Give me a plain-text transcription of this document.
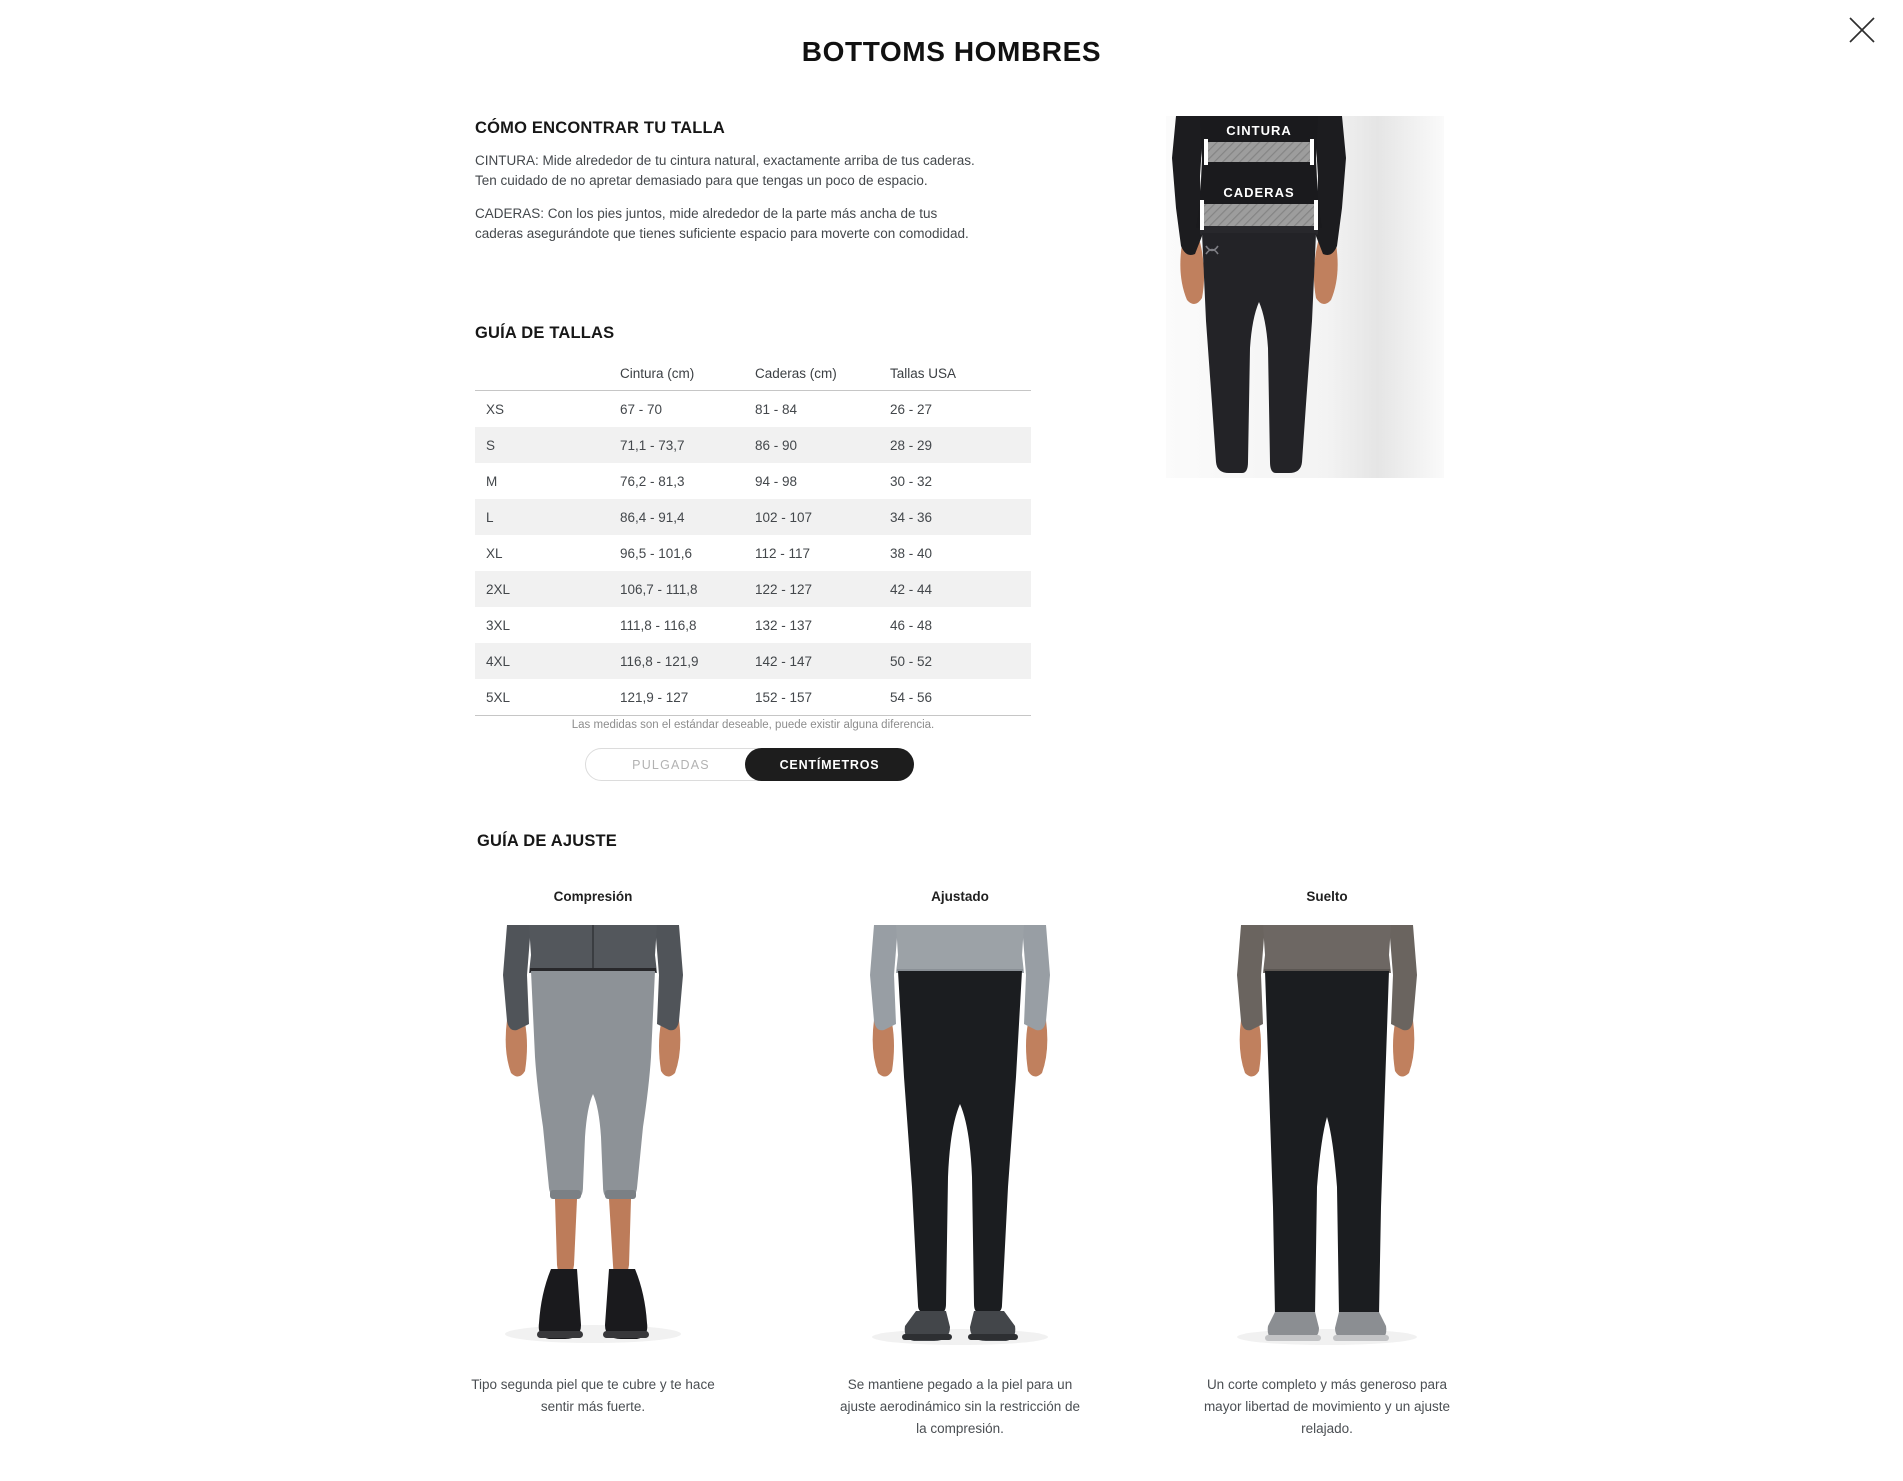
BOTTOMS HOMBRES
CÓMO ENCONTRAR TU TALLA

CINTURA: Mide alrededor de tu cintura natural, exactamente arriba de tus caderas. Ten cuidado de no apretar demasiado para que tengas un poco de espacio.

CADERAS: Con los pies juntos, mide alrededor de la parte más ancha de tus caderas asegurándote que tienes suficiente espacio para moverte con comodidad.

CINTURA
CADERAS
GUÍA DE TALLAS
	Cintura (cm)	Caderas (cm)	Tallas USA
XS	67 - 70	81 - 84	26 - 27
S	71,1 - 73,7	86 - 90	28 - 29
M	76,2 - 81,3	94 - 98	30 - 32
L	86,4 - 91,4	102 - 107	34 - 36
XL	96,5 - 101,6	112 - 117	38 - 40
2XL	106,7 - 111,8	122 - 127	42 - 44
3XL	111,8 - 116,8	132 - 137	46 - 48
4XL	116,8 - 121,9	142 - 147	50 - 52
5XL	121,9 - 127	152 - 157	54 - 56
Las medidas son el estándar deseable, puede existir alguna diferencia.
PULGADAS	CENTÍMETROS
GUÍA DE AJUSTE
Compresión	Ajustado	Suelto
Tipo segunda piel que te cubre y te hace sentir más fuerte.
Se mantiene pegado a la piel para un ajuste aerodinámico sin la restricción de la compresión.
Un corte completo y más generoso para mayor libertad de movimiento y un ajuste relajado.
